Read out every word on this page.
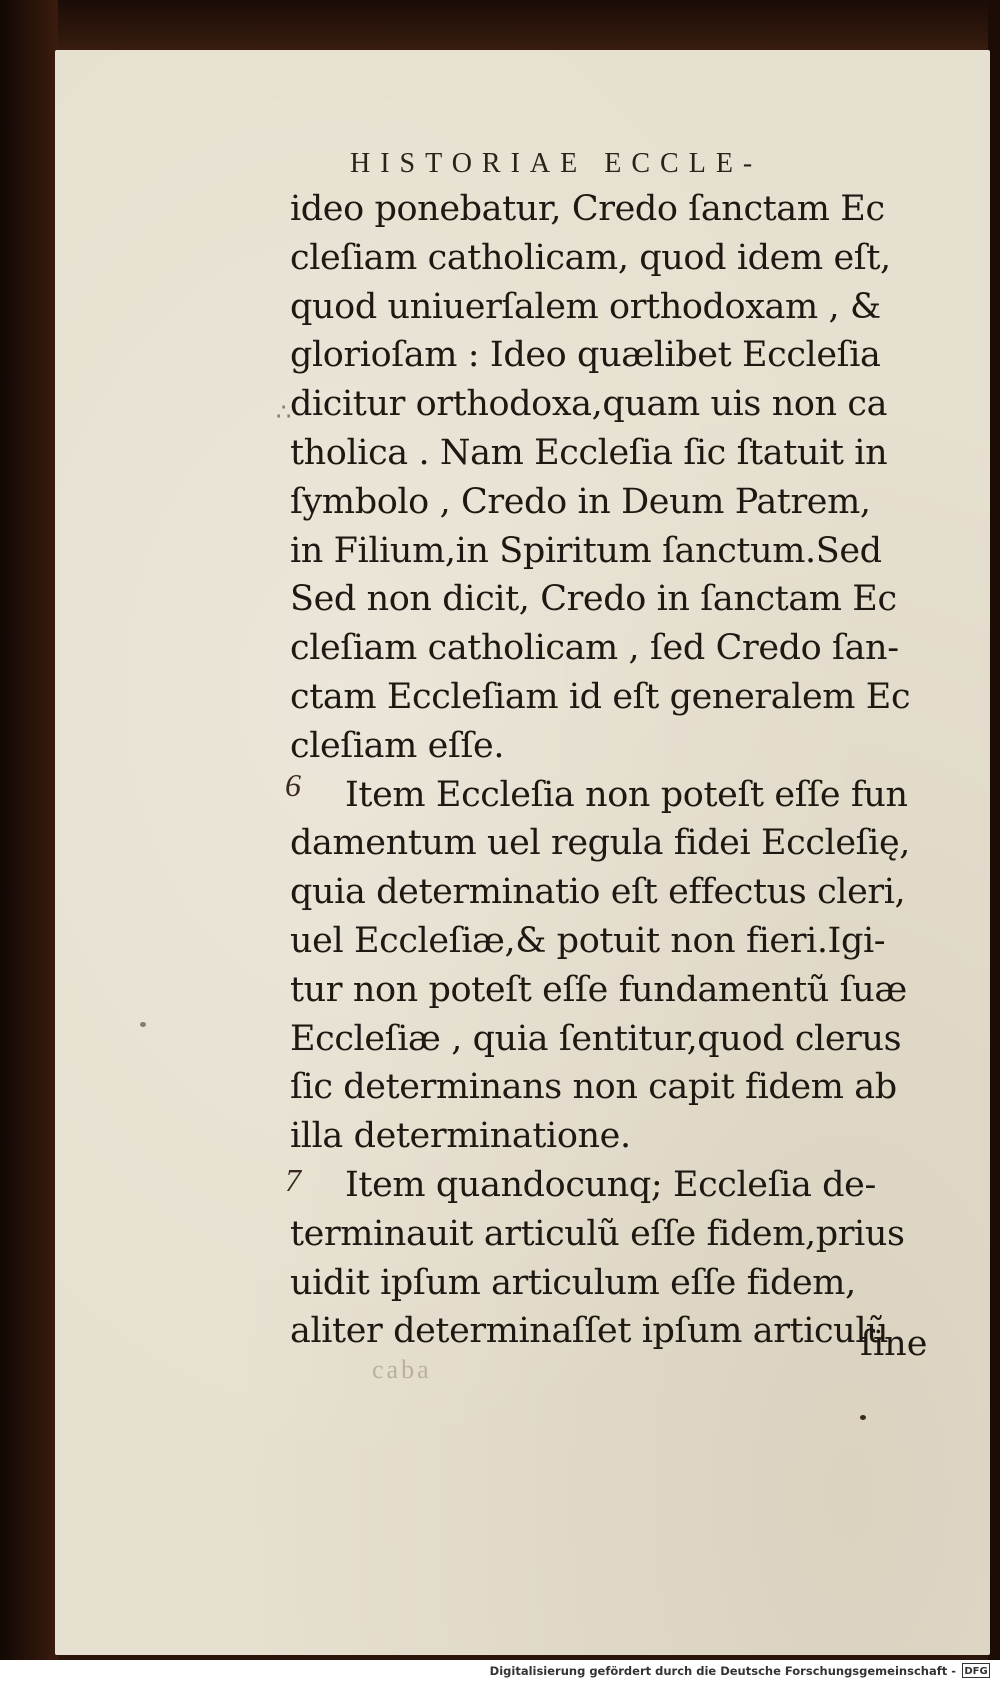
HISTORIAE ECCLE-
∴
6
7
ideo ponebatur, Credo ſanctam Ec
cleſiam catholicam, quod idem eſt,
quod uniuerſalem orthodoxam , &
glorioſam : Ideo quælibet Eccleſia
dicitur orthodoxa,quam uis non ca
tholica . Nam Eccleſia ſic ſtatuit in
ſymbolo , Credo in Deum Patrem,
in Filium,in Spiritum ſanctum.Sed
Sed non dicit, Credo in ſanctam Ec
cleſiam catholicam , ſed Credo ſan-
ctam Eccleſiam id eſt generalem Ec
cleſiam eſſe.
Item Eccleſia non poteſt eſſe fun
damentum uel regula fidei Eccleſię,
quia determinatio eſt effectus cleri,
uel Eccleſiæ,& potuit non fieri.Igi-
tur non poteſt eſſe fundamentũ ſuæ
Eccleſiæ , quia ſentitur,quod clerus
ſic determinans non capit fidem ab
illa determinatione.
Item quandocunq; Eccleſia de-
terminauit articulũ eſſe fidem,prius
uidit ipſum articulum eſſe fidem,
aliter determinaſſet ipſum articulũ
ſine
caba
Digitalisierung gefördert durch die Deutsche Forschungsgemeinschaft - DFG
